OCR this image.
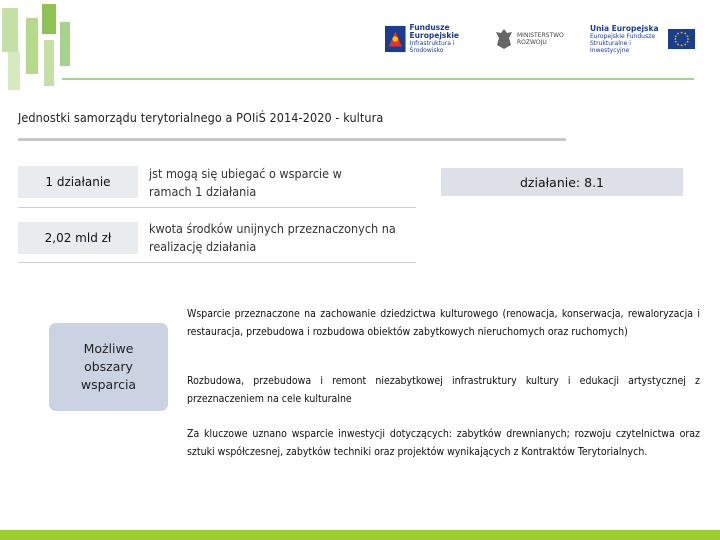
Fundusze
Europejskie
Infrastruktura i Środowisko
MINISTERSTWO
ROZWOJU
Unia Europejska
Europejskie Fundusze
Strukturalne i Inwestycyjne
Jednostki samorządu terytorialnego a POIiŚ 2014-2020 - kultura
1 działanie
jst mogą się ubiegać o wsparcie w ramach 1 działania
działanie: 8.1
2,02 mld zł
kwota środków unijnych przeznaczonych na realizację działania
Możliwe
obszary
wsparcia
Wsparcie przeznaczone na zachowanie dziedzictwa kulturowego (renowacja, konserwacja, rewaloryzacja i restauracja, przebudowa i rozbudowa obiektów zabytkowych nieruchomych oraz ruchomych)
Rozbudowa, przebudowa i remont niezabytkowej infrastruktury kultury i edukacji artystycznej z przeznaczeniem na cele kulturalne
Za kluczowe uznano wsparcie inwestycji dotyczących: zabytków drewnianych; rozwoju czytelnictwa oraz sztuki współczesnej, zabytków techniki oraz projektów wynikających z Kontraktów Terytorialnych.
